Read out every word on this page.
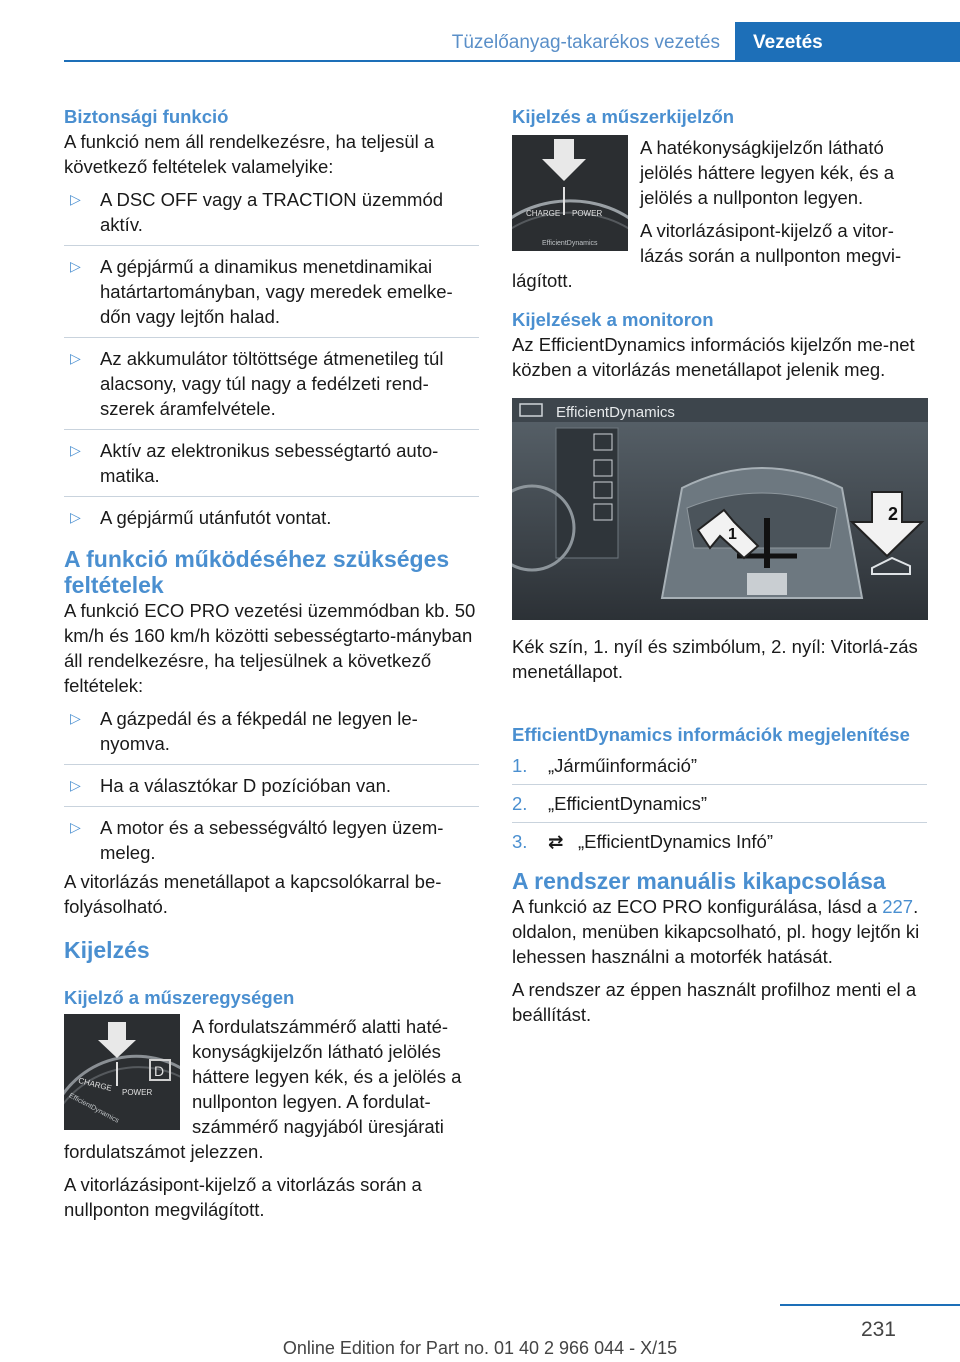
Tüzelőanyag-takarékos vezetés	Vezetés
Biztonsági funkció

A funkció nem áll rendelkezésre, ha teljesül a következő feltételek valamelyike:

▷ A DSC OFF vagy a TRACTION üzemmód aktív.
▷ A gépjármű a dinamikus menetdinamikai határtartományban, vagy meredek emelke-dőn vagy lejtőn halad.
▷ Az akkumulátor töltöttsége átmenetileg túl alacsony, vagy túl nagy a fedélzeti rend-szerek áramfelvétele.
▷ Aktív az elektronikus sebességtartó auto-matika.
▷ A gépjármű utánfutót vontat.
A funkció működéséhez szükséges feltételek

A funkció ECO PRO vezetési üzemmódban kb. 50 km/h és 160 km/h közötti sebességtarto-mányban áll rendelkezésre, ha teljesülnek a következő feltételek:

▷ A gázpedál és a fékpedál ne legyen le-nyomva.
▷ Ha a választókar D pozícióban van.
▷ A motor és a sebességváltó legyen üzem-meleg.

A vitorlázás menetállapot a kapcsolókarral be-folyásolható.

Kijelzés
Kijelző a műszeregységen
D
CHARGE POWER
EfficientDynamics

A fordulatszámmérő alatti haté-konyságkijelzőn látható jelölés háttere legyen kék, és a jelölés a nullponton legyen. A fordulat-számmérő nagyjából üresjárati fordulatszámot jelezzen.

A vitorlázásipont-kijelző a vitorlázás során a nullponton megvilágított.

Kijelzés a műszerkijelzőn
CHARGE POWER
EfficientDynamics

A hatékonyságkijelzőn látható jelölés háttere legyen kék, és a jelölés a nullponton legyen.

A vitorlázásipont-kijelző a vitor-lázás során a nullponton megvi-lágított.

Kijelzések a monitoron

Az EfficientDynamics információs kijelzőn me-net közben a vitorlázás menetállapot jelenik meg.

EfficientDynamics
1
2

Kék szín, 1. nyíl és szimbólum, 2. nyíl: Vitorlá-zás menetállapot.

EfficientDynamics információk megjelenítése
1. „Járműinformáció”
2. „EfficientDynamics”
3. ⇄ „EfficientDynamics Infó”
A rendszer manuális kikapcsolása

A funkció az ECO PRO konfigurálása, lásd a 227. oldalon, menüben kikapcsolható, pl. hogy lejtőn ki lehessen használni a motorfék hatását.

A rendszer az éppen használt profilhoz menti el a beállítást.

231
Online Edition for Part no. 01 40 2 966 044 - X/15
